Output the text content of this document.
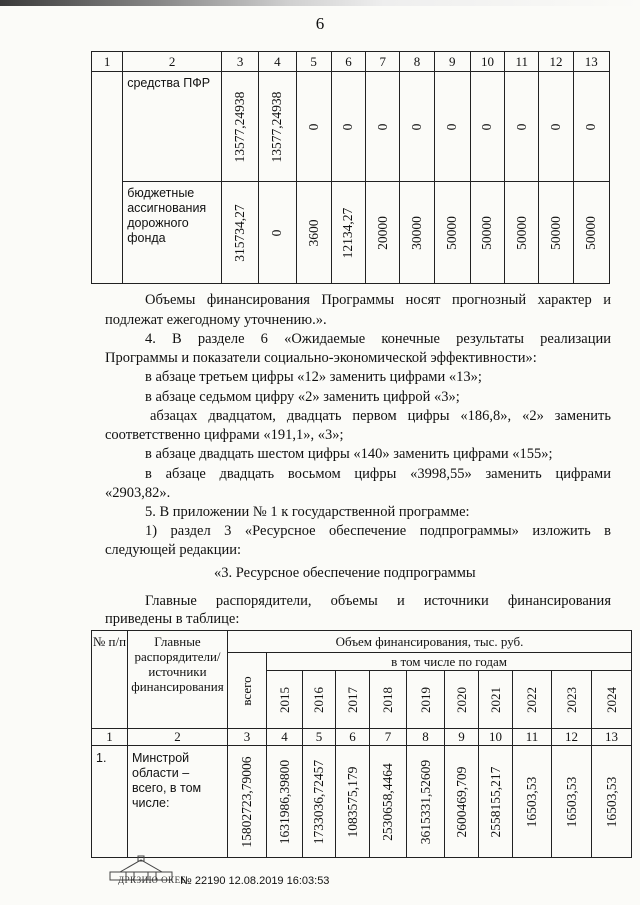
6
1	2	3	4	5	6	7	8	9	10	11	12	13
	средства ПФР	13577,24938	13577,24938	0	0	0	0	0	0	0	0	0

	бюджетные ассигнования дорожного фонда	315734,27	0	3600	12134,27	20000	30000	50000	50000	50000	50000	50000

Объемы финансирования Программы носят прогнозный характер и

подлежат ежегодному уточнению.».

4. В разделе 6 «Ожидаемые конечные результаты реализации

Программы и показатели социально-экономической эффективности»:

в абзаце третьем цифры «12» заменить цифрами «13»;

в абзаце седьмом цифру «2» заменить цифрой «3»;

абзацах двадцатом, двадцать первом цифры «186,8», «2» заменить

соответственно цифрами «191,1», «3»;

в абзаце двадцать шестом цифры «140» заменить цифрами «155»;

в абзаце двадцать восьмом цифры «3998,55» заменить цифрами

«2903,82».

5. В приложении № 1 к государственной программе:

1) раздел 3 «Ресурсное обеспечение подпрограммы» изложить в

следующей редакции:

«3. Ресурсное обеспечение подпрограммы

Главные распорядители, объемы и источники финансирования

приведены в таблице:

№ п/п	Главные распорядители/ источники финансирования	Объем финансирования, тыс. руб.										

		всего	в том числе по годам									

			2015	2016	2017	2018	2019	2020	2021	2022	2023	2024

1	2	3	4	5	6	7	8	9	10	11	12	13
1.	Минстрой области – всего, в том числе:	15802723,79006	1631986,39800	1733036,72457	1083575,179	2530658,4464	3615331,52609	2600469,709	2558155,217	16503,53	16503,53	16503,53
ДРКЗИЮ ОКЕБ
№ 22190 12.08.2019 16:03:53
